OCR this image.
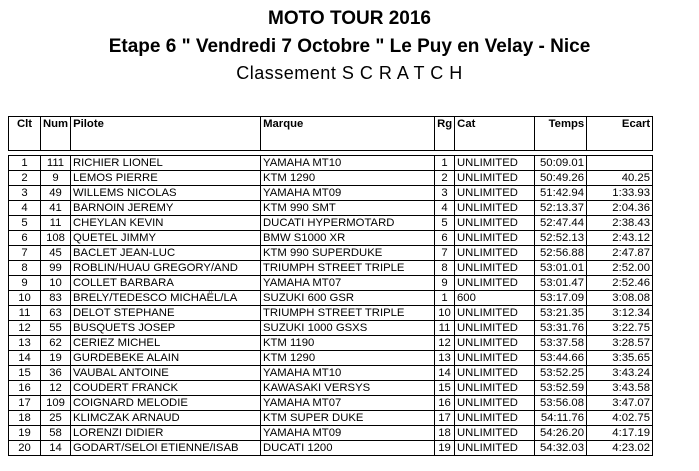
MOTO TOUR 2016
Etape 6 " Vendredi 7 Octobre " Le Puy en Velay - Nice
Classement S C R A T C H
Clt	Num	Pilote	Marque	Rg	Cat	Temps	Ecart
1	111	RICHIER LIONEL	YAMAHA MT10	1	UNLIMITED	50:09.01	
2	9	LEMOS PIERRE	KTM 1290	2	UNLIMITED	50:49.26	40.25
3	49	WILLEMS NICOLAS	YAMAHA MT09	3	UNLIMITED	51:42.94	1:33.93
4	41	BARNOIN JEREMY	KTM 990 SMT	4	UNLIMITED	52:13.37	2:04.36
5	11	CHEYLAN KEVIN	DUCATI HYPERMOTARD	5	UNLIMITED	52:47.44	2:38.43
6	108	QUETEL JIMMY	BMW S1000 XR	6	UNLIMITED	52:52.13	2:43.12
7	45	BACLET JEAN-LUC	KTM 990 SUPERDUKE	7	UNLIMITED	52:56.88	2:47.87
8	99	ROBLIN/HUAU GREGORY/AND	TRIUMPH STREET TRIPLE	8	UNLIMITED	53:01.01	2:52.00
9	10	COLLET BARBARA	YAMAHA MT07	9	UNLIMITED	53:01.47	2:52.46
10	83	BRELY/TEDESCO MICHAËL/LA	SUZUKI 600 GSR	1	600	53:17.09	3:08.08
11	63	DELOT STEPHANE	TRIUMPH STREET TRIPLE	10	UNLIMITED	53:21.35	3:12.34
12	55	BUSQUETS JOSEP	SUZUKI 1000 GSXS	11	UNLIMITED	53:31.76	3:22.75
13	62	CERIEZ MICHEL	KTM 1190	12	UNLIMITED	53:37.58	3:28.57
14	19	GURDEBEKE ALAIN	KTM 1290	13	UNLIMITED	53:44.66	3:35.65
15	36	VAUBAL ANTOINE	YAMAHA MT10	14	UNLIMITED	53:52.25	3:43.24
16	12	COUDERT FRANCK	KAWASAKI VERSYS	15	UNLIMITED	53:52.59	3:43.58
17	109	COIGNARD MELODIE	YAMAHA MT07	16	UNLIMITED	53:56.08	3:47.07
18	25	KLIMCZAK ARNAUD	KTM SUPER DUKE	17	UNLIMITED	54:11.76	4:02.75
19	58	LORENZI DIDIER	YAMAHA MT09	18	UNLIMITED	54:26.20	4:17.19
20	14	GODART/SELOI ETIENNE/ISAB	DUCATI 1200	19	UNLIMITED	54:32.03	4:23.02
